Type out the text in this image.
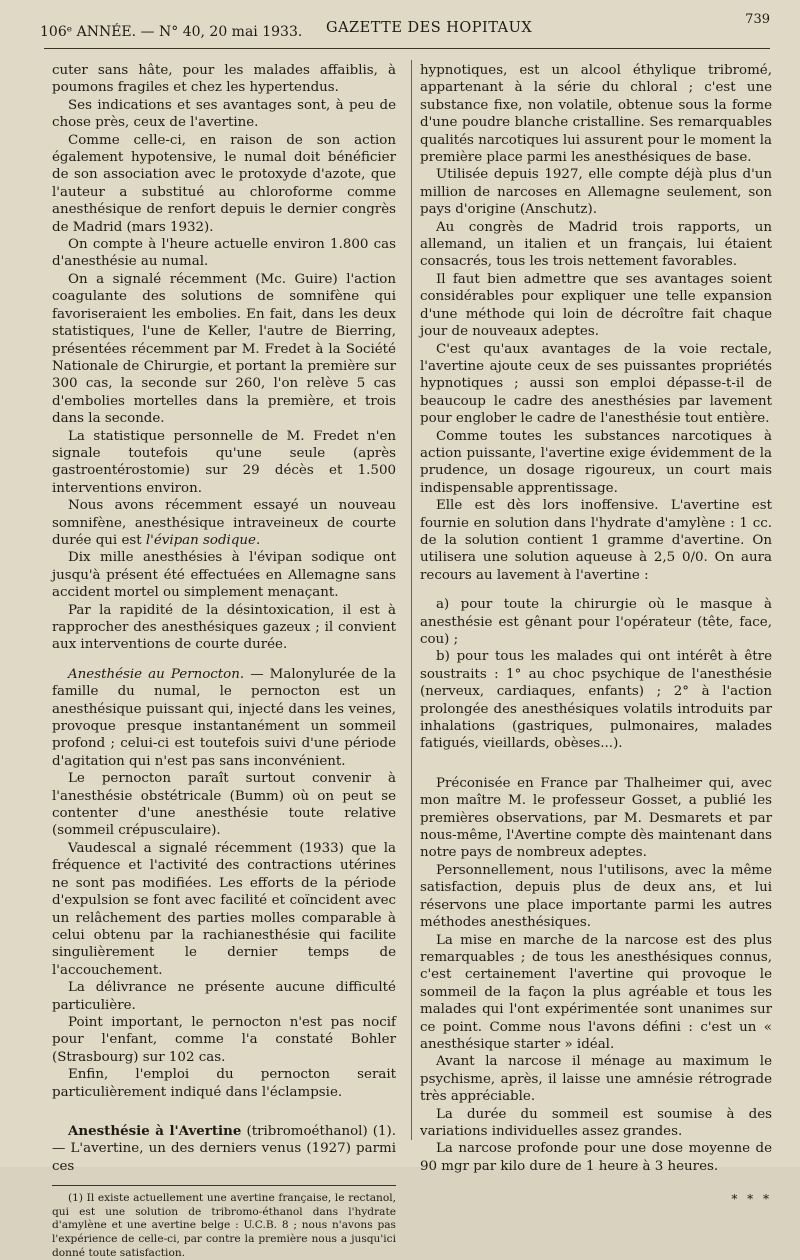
106ᵉ ANNÉE. — N° 40, 20 mai 1933. GAZETTE DES HOPITAUX
739

cuter sans hâte, pour les malades affaiblis, à poumons fragiles et chez les hypertendus.

Ses indications et ses avantages sont, à peu de chose près, ceux de l'avertine.

Comme celle-ci, en raison de son action également hypotensive, le numal doit bénéficier de son association avec le protoxyde d'azote, que l'auteur a substitué au chloroforme comme anesthésique de renfort depuis le dernier congrès de Madrid (mars 1932).

On compte à l'heure actuelle environ 1.800 cas d'anesthésie au numal.

On a signalé récemment (Mc. Guire) l'action coagulante des solutions de somnifène qui favoriseraient les embolies. En fait, dans les deux statistiques, l'une de Keller, l'autre de Bierring, présentées récemment par M. Fredet à la Société Nationale de Chirurgie, et portant la première sur 300 cas, la seconde sur 260, l'on relève 5 cas d'embolies mortelles dans la première, et trois dans la seconde.

La statistique personnelle de M. Fredet n'en signale toutefois qu'une seule (après gastroentérostomie) sur 29 décès et 1.500 interventions environ.

Nous avons récemment essayé un nouveau somnifène, anesthésique intraveineux de courte durée qui est l'évipan sodique.

Dix mille anesthésies à l'évipan sodique ont jusqu'à présent été effectuées en Allemagne sans accident mortel ou simplement menaçant.

Par la rapidité de la désintoxication, il est à rapprocher des anesthésiques gazeux ; il convient aux interventions de courte durée.

Anesthésie au Pernocton. — Malonylurée de la famille du numal, le pernocton est un anesthésique puissant qui, injecté dans les veines, provoque presque instantanément un sommeil profond ; celui-ci est toutefois suivi d'une période d'agitation qui n'est pas sans inconvénient.

Le pernocton paraît surtout convenir à l'anesthésie obstétricale (Bumm) où on peut se contenter d'une anesthésie toute relative (sommeil crépusculaire).

Vaudescal a signalé récemment (1933) que la fréquence et l'activité des contractions utérines ne sont pas modifiées. Les efforts de la période d'expulsion se font avec facilité et coïncident avec un relâchement des parties molles comparable à celui obtenu par la rachianesthésie qui facilite singulièrement le dernier temps de l'accouchement.

La délivrance ne présente aucune difficulté particulière.

Point important, le pernocton n'est pas nocif pour l'enfant, comme l'a constaté Bohler (Strasbourg) sur 102 cas.

Enfin, l'emploi du pernocton serait particulièrement indiqué dans l'éclampsie.

Anesthésie à l'Avertine (tribromoéthanol) (1). — L'avertine, un des derniers venus (1927) parmi ces

(1) Il existe actuellement une avertine française, le rectanol, qui est une solution de tribromo-éthanol dans l'hydrate d'amylène et une avertine belge : U.C.B. 8 ; nous n'avons pas l'expérience de celle-ci, par contre la première nous a jusqu'ici donné toute satisfaction.

hypnotiques, est un alcool éthylique tribromé, appartenant à la série du chloral ; c'est une substance fixe, non volatile, obtenue sous la forme d'une poudre blanche cristalline. Ses remarquables qualités narcotiques lui assurent pour le moment la première place parmi les anesthésiques de base.

Utilisée depuis 1927, elle compte déjà plus d'un million de narcoses en Allemagne seulement, son pays d'origine (Anschutz).

Au congrès de Madrid trois rapports, un allemand, un italien et un français, lui étaient consacrés, tous les trois nettement favorables.

Il faut bien admettre que ses avantages soient considérables pour expliquer une telle expansion d'une méthode qui loin de décroître fait chaque jour de nouveaux adeptes.

C'est qu'aux avantages de la voie rectale, l'avertine ajoute ceux de ses puissantes propriétés hypnotiques ; aussi son emploi dépasse-t-il de beaucoup le cadre des anesthésies par lavement pour englober le cadre de l'anesthésie tout entière.

Comme toutes les substances narcotiques à action puissante, l'avertine exige évidemment de la prudence, un dosage rigoureux, un court mais indispensable apprentissage.

Elle est dès lors inoffensive. L'avertine est fournie en solution dans l'hydrate d'amylène : 1 cc. de la solution contient 1 gramme d'avertine. On utilisera une solution aqueuse à 2,5 0/0. On aura recours au lavement à l'avertine :

a) pour toute la chirurgie où le masque à anesthésie est gênant pour l'opérateur (tête, face, cou) ;

b) pour tous les malades qui ont intérêt à être soustraits : 1° au choc psychique de l'anesthésie (nerveux, cardiaques, enfants) ; 2° à l'action prolongée des anesthésiques volatils introduits par inhalations (gastriques, pulmonaires, malades fatigués, vieillards, obèses...).

Préconisée en France par Thalheimer qui, avec mon maître M. le professeur Gosset, a publié les premières observations, par M. Desmarets et par nous-même, l'Avertine compte dès maintenant dans notre pays de nombreux adeptes.

Personnellement, nous l'utilisons, avec la même satisfaction, depuis plus de deux ans, et lui réservons une place importante parmi les autres méthodes anesthésiques.

La mise en marche de la narcose est des plus remarquables ; de tous les anesthésiques connus, c'est certainement l'avertine qui provoque le sommeil de la façon la plus agréable et tous les malades qui l'ont expérimentée sont unanimes sur ce point. Comme nous l'avons défini : c'est un « anesthésique starter » idéal.

Avant la narcose il ménage au maximum le psychisme, après, il laisse une amnésie rétrograde très appréciable.

La durée du sommeil est soumise à des variations individuelles assez grandes.

La narcose profonde pour une dose moyenne de 90 mgr par kilo dure de 1 heure à 3 heures.

* * *
